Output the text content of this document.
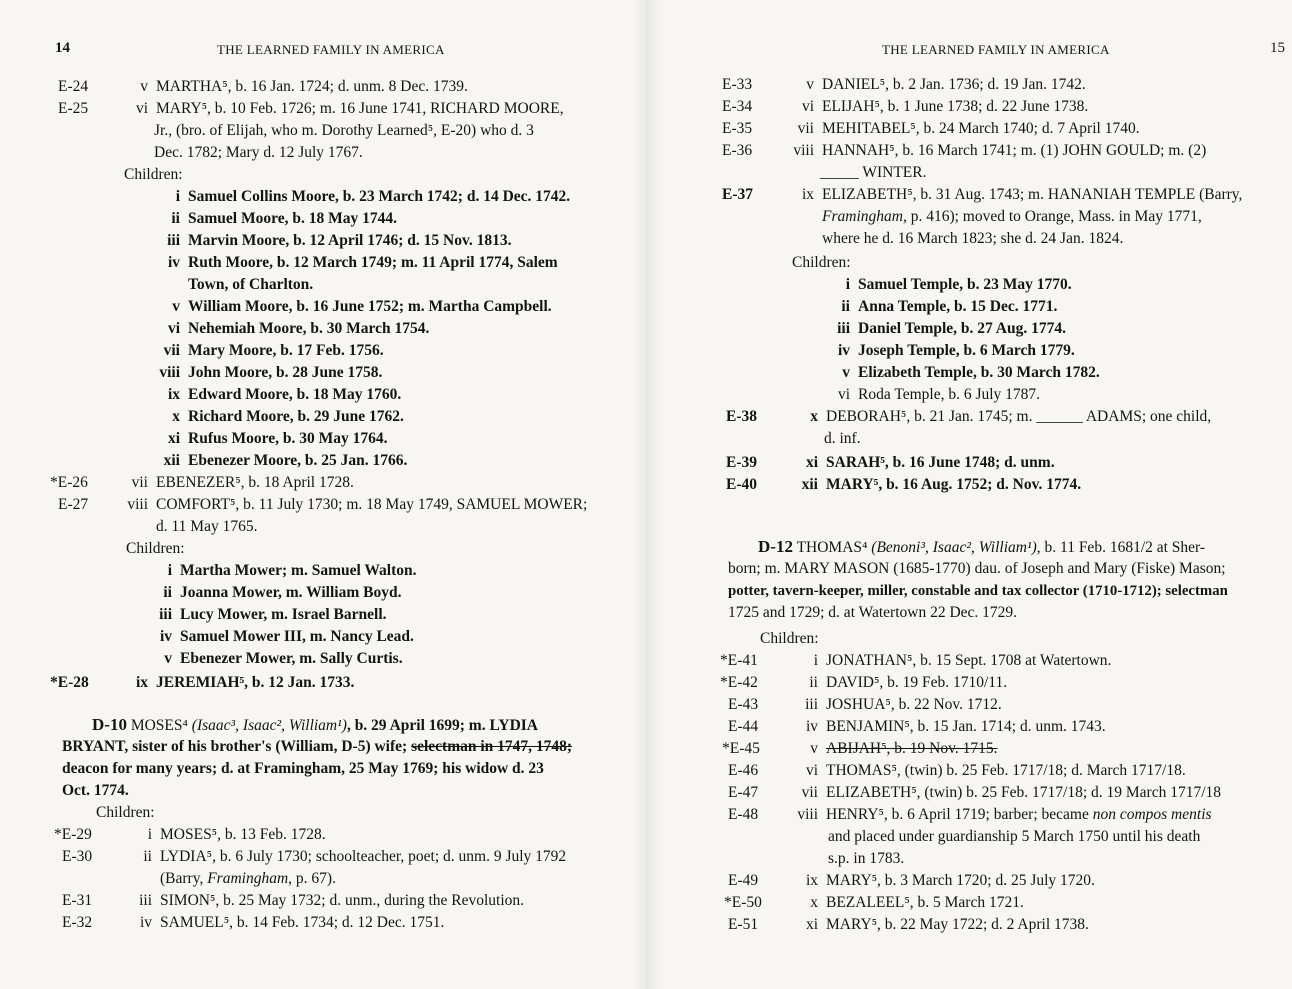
14	THE LEARNED FAMILY IN AMERICA
E-24	v MARTHA⁵, b. 16 Jan. 1724; d. unm. 8 Dec. 1739.
E-25	vi MARY⁵, b. 10 Feb. 1726; m. 16 June 1741, RICHARD MOORE,
Jr., (bro. of Elijah, who m. Dorothy Learned⁵, E-20) who d. 3
Dec. 1782; Mary d. 12 July 1767.
Children:
i Samuel Collins Moore, b. 23 March 1742; d. 14 Dec. 1742.
ii Samuel Moore, b. 18 May 1744.
iii Marvin Moore, b. 12 April 1746; d. 15 Nov. 1813.
iv Ruth Moore, b. 12 March 1749; m. 11 April 1774, Salem
Town, of Charlton.
v William Moore, b. 16 June 1752; m. Martha Campbell.
vi Nehemiah Moore, b. 30 March 1754.
vii Mary Moore, b. 17 Feb. 1756.
viii John Moore, b. 28 June 1758.
ix Edward Moore, b. 18 May 1760.
x Richard Moore, b. 29 June 1762.
xi Rufus Moore, b. 30 May 1764.
xii Ebenezer Moore, b. 25 Jan. 1766.
*E-26	vii EBENEZER⁵, b. 18 April 1728.
E-27	viii COMFORT⁵, b. 11 July 1730; m. 18 May 1749, SAMUEL MOWER;
d. 11 May 1765.
Children:
i Martha Mower; m. Samuel Walton.
ii Joanna Mower, m. William Boyd.
iii Lucy Mower, m. Israel Barnell.
iv Samuel Mower III, m. Nancy Lead.
v Ebenezer Mower, m. Sally Curtis.
*E-28	ix JEREMIAH⁵, b. 12 Jan. 1733.
D-10 MOSES⁴ (Isaac³, Isaac², William¹), b. 29 April 1699; m. LYDIA
BRYANT, sister of his brother's (William, D-5) wife; selectman in 1747, 1748;
deacon for many years; d. at Framingham, 25 May 1769; his widow d. 23
Oct. 1774.
Children:
*E-29	i MOSES⁵, b. 13 Feb. 1728.
E-30	ii LYDIA⁵, b. 6 July 1730; schoolteacher, poet; d. unm. 9 July 1792
(Barry, Framingham, p. 67).
E-31	iii SIMON⁵, b. 25 May 1732; d. unm., during the Revolution.
E-32	iv SAMUEL⁵, b. 14 Feb. 1734; d. 12 Dec. 1751.
THE LEARNED FAMILY IN AMERICA	15
E-33	v DANIEL⁵, b. 2 Jan. 1736; d. 19 Jan. 1742.
E-34	vi ELIJAH⁵, b. 1 June 1738; d. 22 June 1738.
E-35	vii MEHITABEL⁵, b. 24 March 1740; d. 7 April 1740.
E-36	viii HANNAH⁵, b. 16 March 1741; m. (1) JOHN GOULD; m. (2)
_____ WINTER.
E-37	ix ELIZABETH⁵, b. 31 Aug. 1743; m. HANANIAH TEMPLE (Barry,
Framingham, p. 416); moved to Orange, Mass. in May 1771,
where he d. 16 March 1823; she d. 24 Jan. 1824.
Children:
i Samuel Temple, b. 23 May 1770.
ii Anna Temple, b. 15 Dec. 1771.
iii Daniel Temple, b. 27 Aug. 1774.
iv Joseph Temple, b. 6 March 1779.
v Elizabeth Temple, b. 30 March 1782.
vi Roda Temple, b. 6 July 1787.
E-38	x DEBORAH⁵, b. 21 Jan. 1745; m. ______ ADAMS; one child,
d. inf.
E-39	xi SARAH⁵, b. 16 June 1748; d. unm.
E-40	xii MARY⁵, b. 16 Aug. 1752; d. Nov. 1774.
D-12 THOMAS⁴ (Benoni³, Isaac², William¹), b. 11 Feb. 1681/2 at Sher-
born; m. MARY MASON (1685-1770) dau. of Joseph and Mary (Fiske) Mason;
potter, tavern-keeper, miller, constable and tax collector (1710-1712); selectman
1725 and 1729; d. at Watertown 22 Dec. 1729.
Children:
*E-41	i JONATHAN⁵, b. 15 Sept. 1708 at Watertown.
*E-42	ii DAVID⁵, b. 19 Feb. 1710/11.
E-43	iii JOSHUA⁵, b. 22 Nov. 1712.
E-44	iv BENJAMIN⁵, b. 15 Jan. 1714; d. unm. 1743.
*E-45	v ABIJAH⁵, b. 19 Nov. 1715.
E-46	vi THOMAS⁵, (twin) b. 25 Feb. 1717/18; d. March 1717/18.
E-47	vii ELIZABETH⁵, (twin) b. 25 Feb. 1717/18; d. 19 March 1717/18
E-48	viii HENRY⁵, b. 6 April 1719; barber; became non compos mentis
and placed under guardianship 5 March 1750 until his death
s.p. in 1783.
E-49	ix MARY⁵, b. 3 March 1720; d. 25 July 1720.
*E-50	x BEZALEEL⁵, b. 5 March 1721.
E-51	xi MARY⁵, b. 22 May 1722; d. 2 April 1738.
